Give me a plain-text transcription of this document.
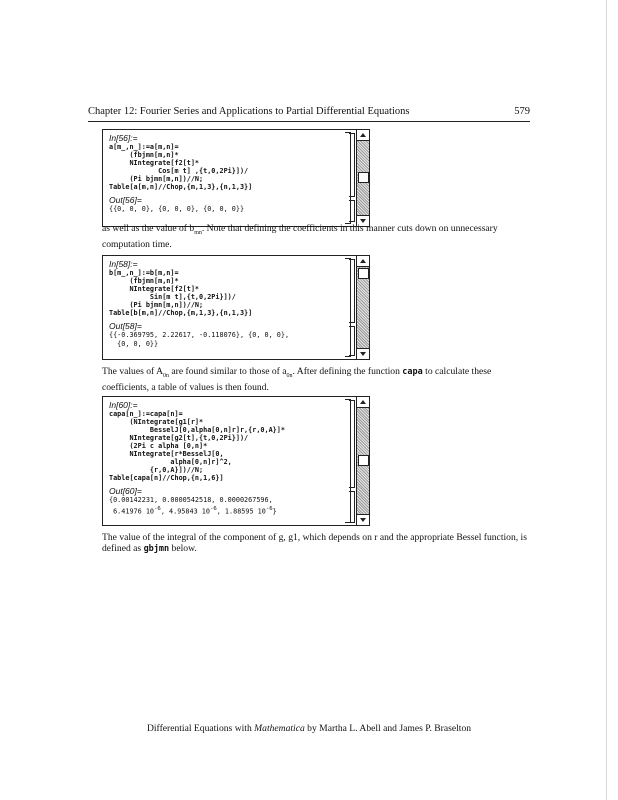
Chapter 12: Fourier Series and Applications to Partial Differential Equations	579
In[56]:=
a[m_,n_]:=a[m,n]=
(fbjmn[m,n]*
NIntegrate[f2[t]*
Cos[m t] ,{t,0,2Pi}])/
(Pi bjmn[m,n])//N;
Table[a[m,n]//Chop,{m,1,3},{n,1,3}]
Out[56]=
{{0, 0, 0}, {0, 0, 0}, {0, 0, 0}}

as well as the value of $b_{mn}$. Note that defining the coefficients in this manner cuts down on unnecessary computation time.

In[58]:=
b[m_,n_]:=b[m,n]=
(fbjmn[m,n]*
NIntegrate[f2[t]*
Sin[m t],{t,0,2Pi}])/
(Pi bjmn[m,n])//N;
Table[b[m,n]//Chop,{m,1,3},{n,1,3}]
Out[58]=
{{-0.369795, 2.22617, -0.118076}, {0, 0, 0},
{0, 0, 0}}

The values of $A_{0n}$ are found similar to those of $a_{0n}$. After defining the function capa to calculate these coefficients, a table of values is then found.

In[60]:=
capa[n_]:=capa[n]=
(NIntegrate[g1[r]*
BesselJ[0,alpha[0,n]r]r,{r,0,A}]*
NIntegrate[g2[t],{t,0,2Pi}])/
(2Pi c alpha [0,n]*
NIntegrate[r*BesselJ[0,
alpha[0,n]r]^2,
{r,0,A}])//N;
Table[capa[n]//Chop,{n,1,6}]
Out[60]=
{0.00142231, 0.0000542518, 0.0000267596,
6.41976 $10^{-6}$, 4.95843 $10^{-6}$, 1.88595 $10^{-6}$}

The value of the integral of the component of g, g1, which depends on r and the appropriate Bessel function, is defined as gbjmn below.

Differential Equations with Mathematica by Martha L. Abell and James P. Braselton
